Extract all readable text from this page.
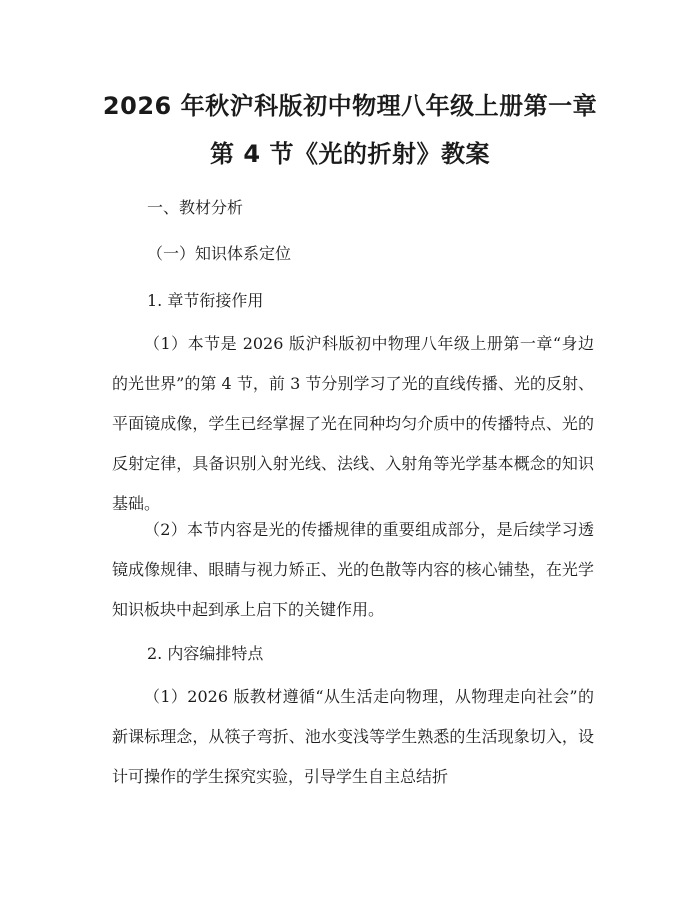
2026 年秋沪科版初中物理八年级上册第一章
第 4 节《光的折射》教案

一、教材分析

（一）知识体系定位

1. 章节衔接作用

（1）本节是 2026 版沪科版初中物理八年级上册第一章“身边的光世界”的第 4 节，前 3 节分别学习了光的直线传播、光的反射、平面镜成像，学生已经掌握了光在同种均匀介质中的传播特点、光的反射定律，具备识别入射光线、法线、入射角等光学基本概念的知识基础。

（2）本节内容是光的传播规律的重要组成部分，是后续学习透镜成像规律、眼睛与视力矫正、光的色散等内容的核心铺垫，在光学知识板块中起到承上启下的关键作用。

2. 内容编排特点

（1）2026 版教材遵循“从生活走向物理，从物理走向社会”的新课标理念，从筷子弯折、池水变浅等学生熟悉的生活现象切入，设计可操作的学生探究实验，引导学生自主总结折
